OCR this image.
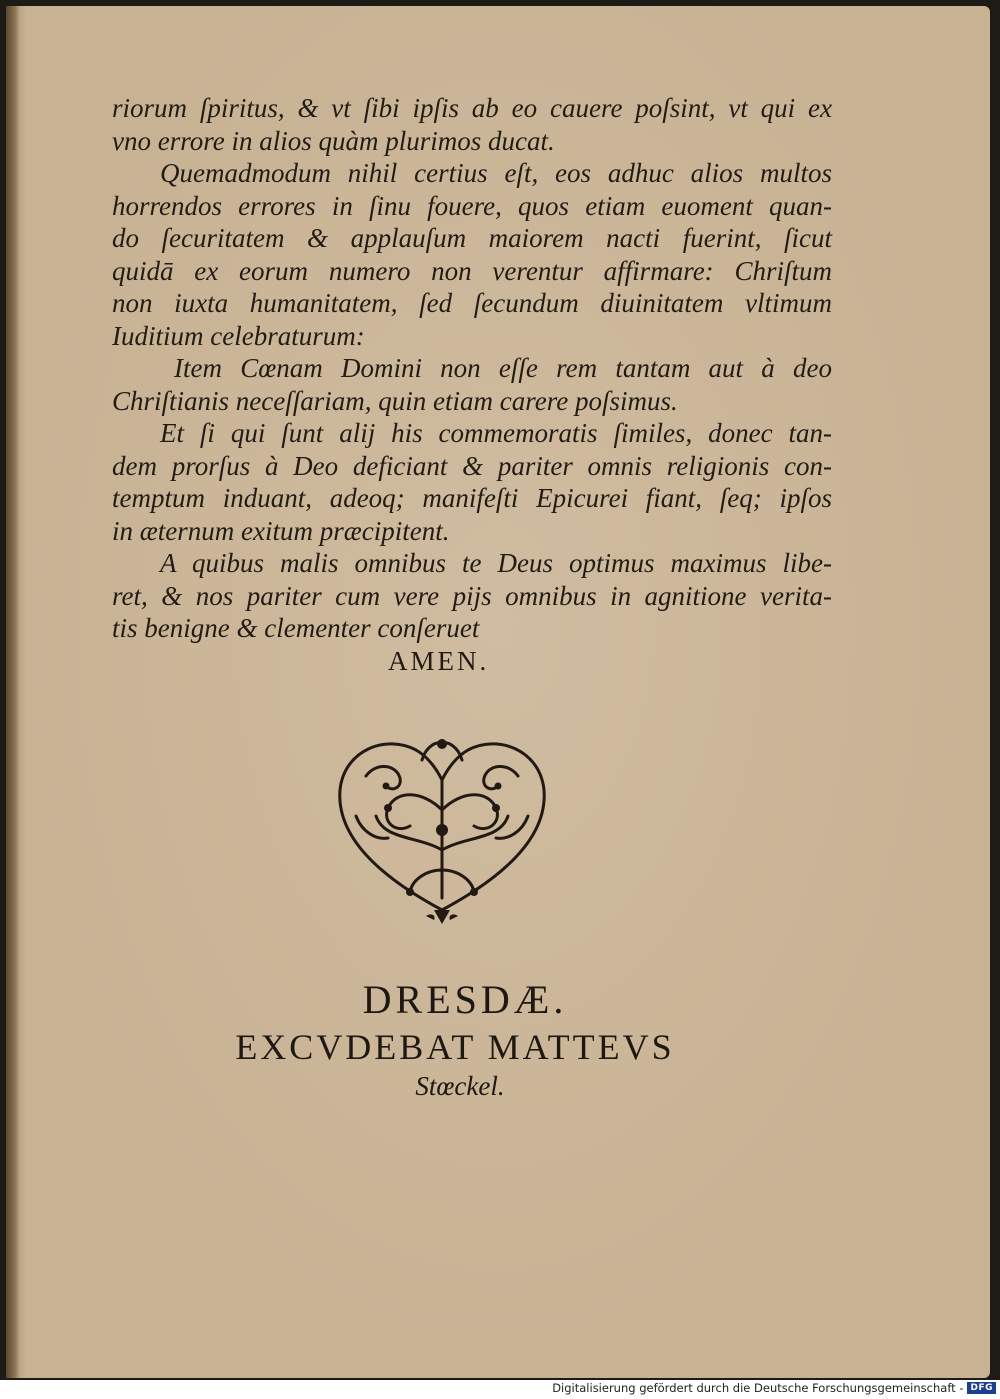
riorum ſpiritus, & vt ſibi ipſis ab eo cauere poſsint, vt qui ex
vno errore in alios quàm plurimos ducat.
Quemadmodum nihil certius eſt, eos adhuc alios multos
horrendos errores in ſinu fouere, quos etiam euoment quan-
do ſecuritatem & applauſum maiorem nacti fuerint, ſicut
quidā ex eorum numero non verentur affirmare: Chriſtum
non iuxta humanitatem, ſed ſecundum diuinitatem vltimum
Iuditium celebraturum:
Item Cœnam Domini non eſſe rem tantam aut à deo
Chriſtianis neceſſariam, quin etiam carere poſsimus.
Et ſi qui ſunt alij his commemoratis ſimiles, donec tan-
dem prorſus à Deo deficiant & pariter omnis religionis con-
temptum induant, adeoq; manifeſti Epicurei fiant, ſeq; ipſos
in æternum exitum præcipitent.
A quibus malis omnibus te Deus optimus maximus libe-
ret, & nos pariter cum vere pijs omnibus in agnitione verita-
tis benigne & clementer conſeruet
AMEN.
DRESDÆ.
EXCVDEBAT MATTEVS
Stœckel.
Digitalisierung gefördert durch die Deutsche Forschungsgemeinschaft - DFG
